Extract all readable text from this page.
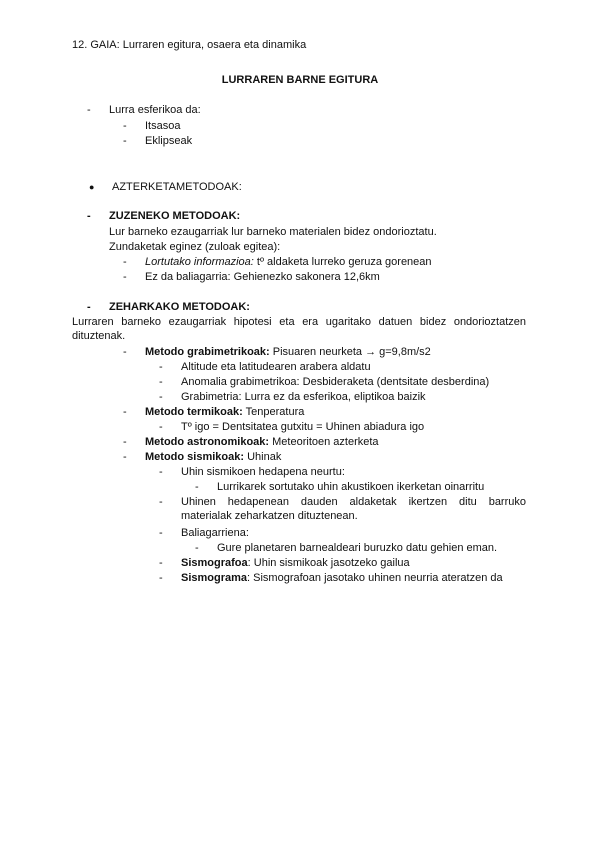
12. GAIA: Lurraren egitura, osaera eta dinamika
LURRAREN BARNE EGITURA
- Lurra esferikoa da:
- Itsasoa
- Eklipseak
● AZTERKETAMETODOAK:
- ZUZENEKO METODOAK:
Lur barneko ezaugarriak lur barneko materialen bidez ondorioztatu.
Zundaketak eginez (zuloak egitea):
- Lortutako informazioa: tº aldaketa lurreko geruza gorenean
- Ez da baliagarria: Gehienezko sakonera 12,6km
- ZEHARKAKO METODOAK:
Lurraren barneko ezaugarriak hipotesi eta era ugaritako datuen bidez ondorioztatzen dituztenak.
- Metodo grabimetrikoak: Pisuaren neurketa → g=9,8m/s2
- Altitude eta latitudearen arabera aldatu
- Anomalia grabimetrikoa: Desbideraketa (dentsitate desberdina)
- Grabimetria: Lurra ez da esferikoa, eliptikoa baizik
- Metodo termikoak: Tenperatura
- Tº igo = Dentsitatea gutxitu = Uhinen abiadura igo
- Metodo astronomikoak: Meteoritoen azterketa
- Metodo sismikoak: Uhinak
- Uhin sismikoen hedapena neurtu:
- Lurrikarek sortutako uhin akustikoen ikerketan oinarritu
- Uhinen hedapenean dauden aldaketak ikertzen ditu barruko materialak zeharkatzen dituztenean.
- Baliagarriena:
- Gure planetaren barnealdeari buruzko datu gehien eman.
- Sismografoa: Uhin sismikoak jasotzeko gailua
- Sismograma: Sismografoan jasotako uhinen neurria ateratzen da
